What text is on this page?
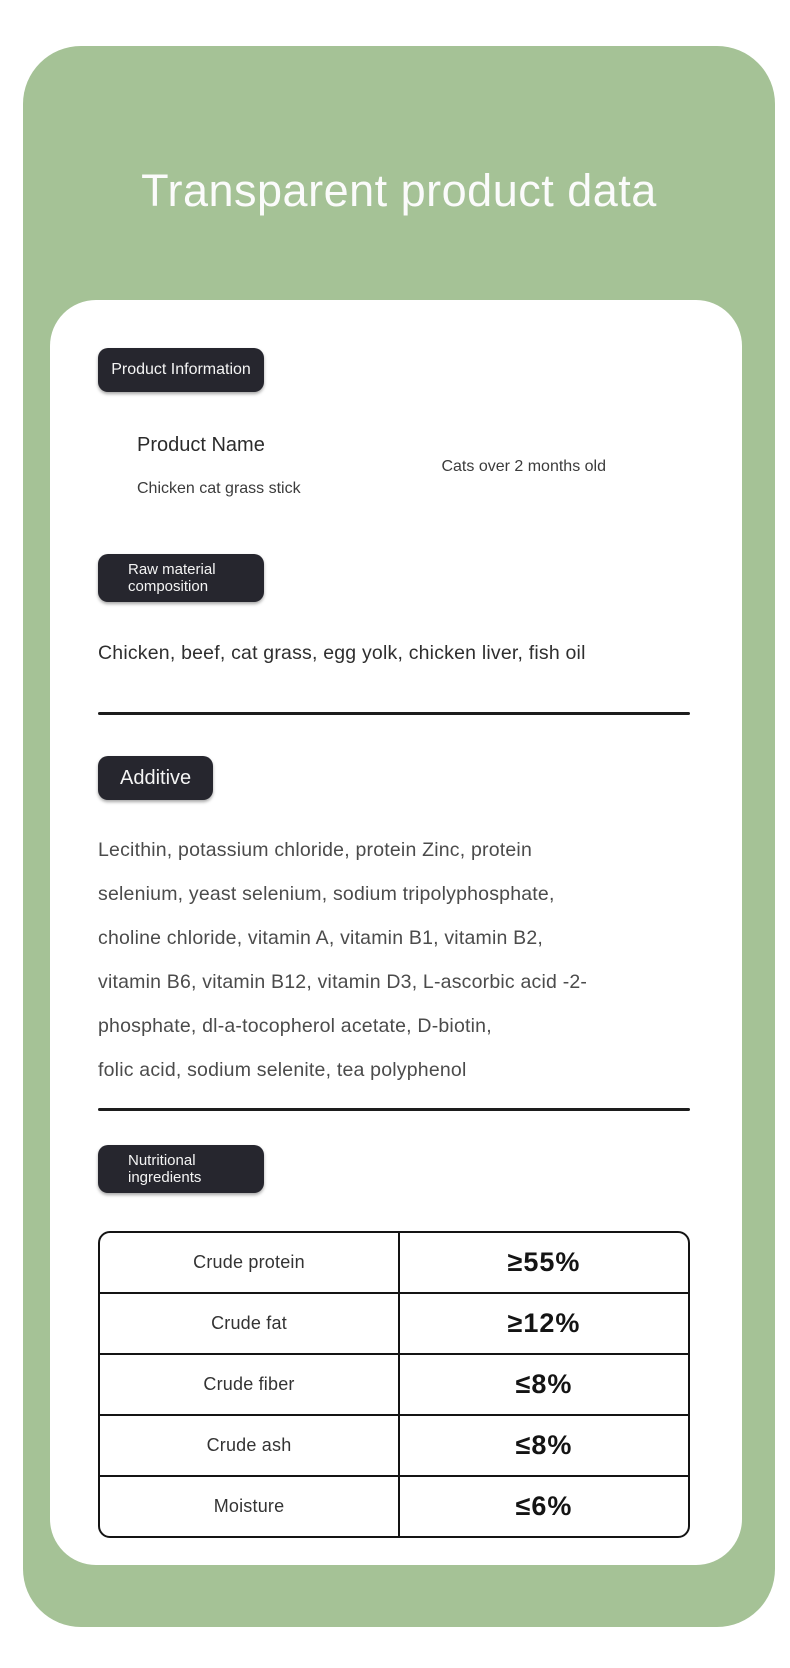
Transparent product data
Product Information
Product Name
Chicken cat grass stick
Cats over 2 months old
Raw material
composition
Chicken, beef, cat grass, egg yolk, chicken liver, fish oil
Additive
Lecithin, potassium chloride, protein Zinc, protein
selenium, yeast selenium, sodium tripolyphosphate,
choline chloride, vitamin A, vitamin B1, vitamin B2,
vitamin B6, vitamin B12, vitamin D3, L-ascorbic acid -2-
phosphate, dl-a-tocopherol acetate, D-biotin,
folic acid, sodium selenite, tea polyphenol
Nutritional
ingredients
Crude protein	≥55%
Crude fat	≥12%
Crude fiber	≤8%
Crude ash	≤8%
Moisture	≤6%
